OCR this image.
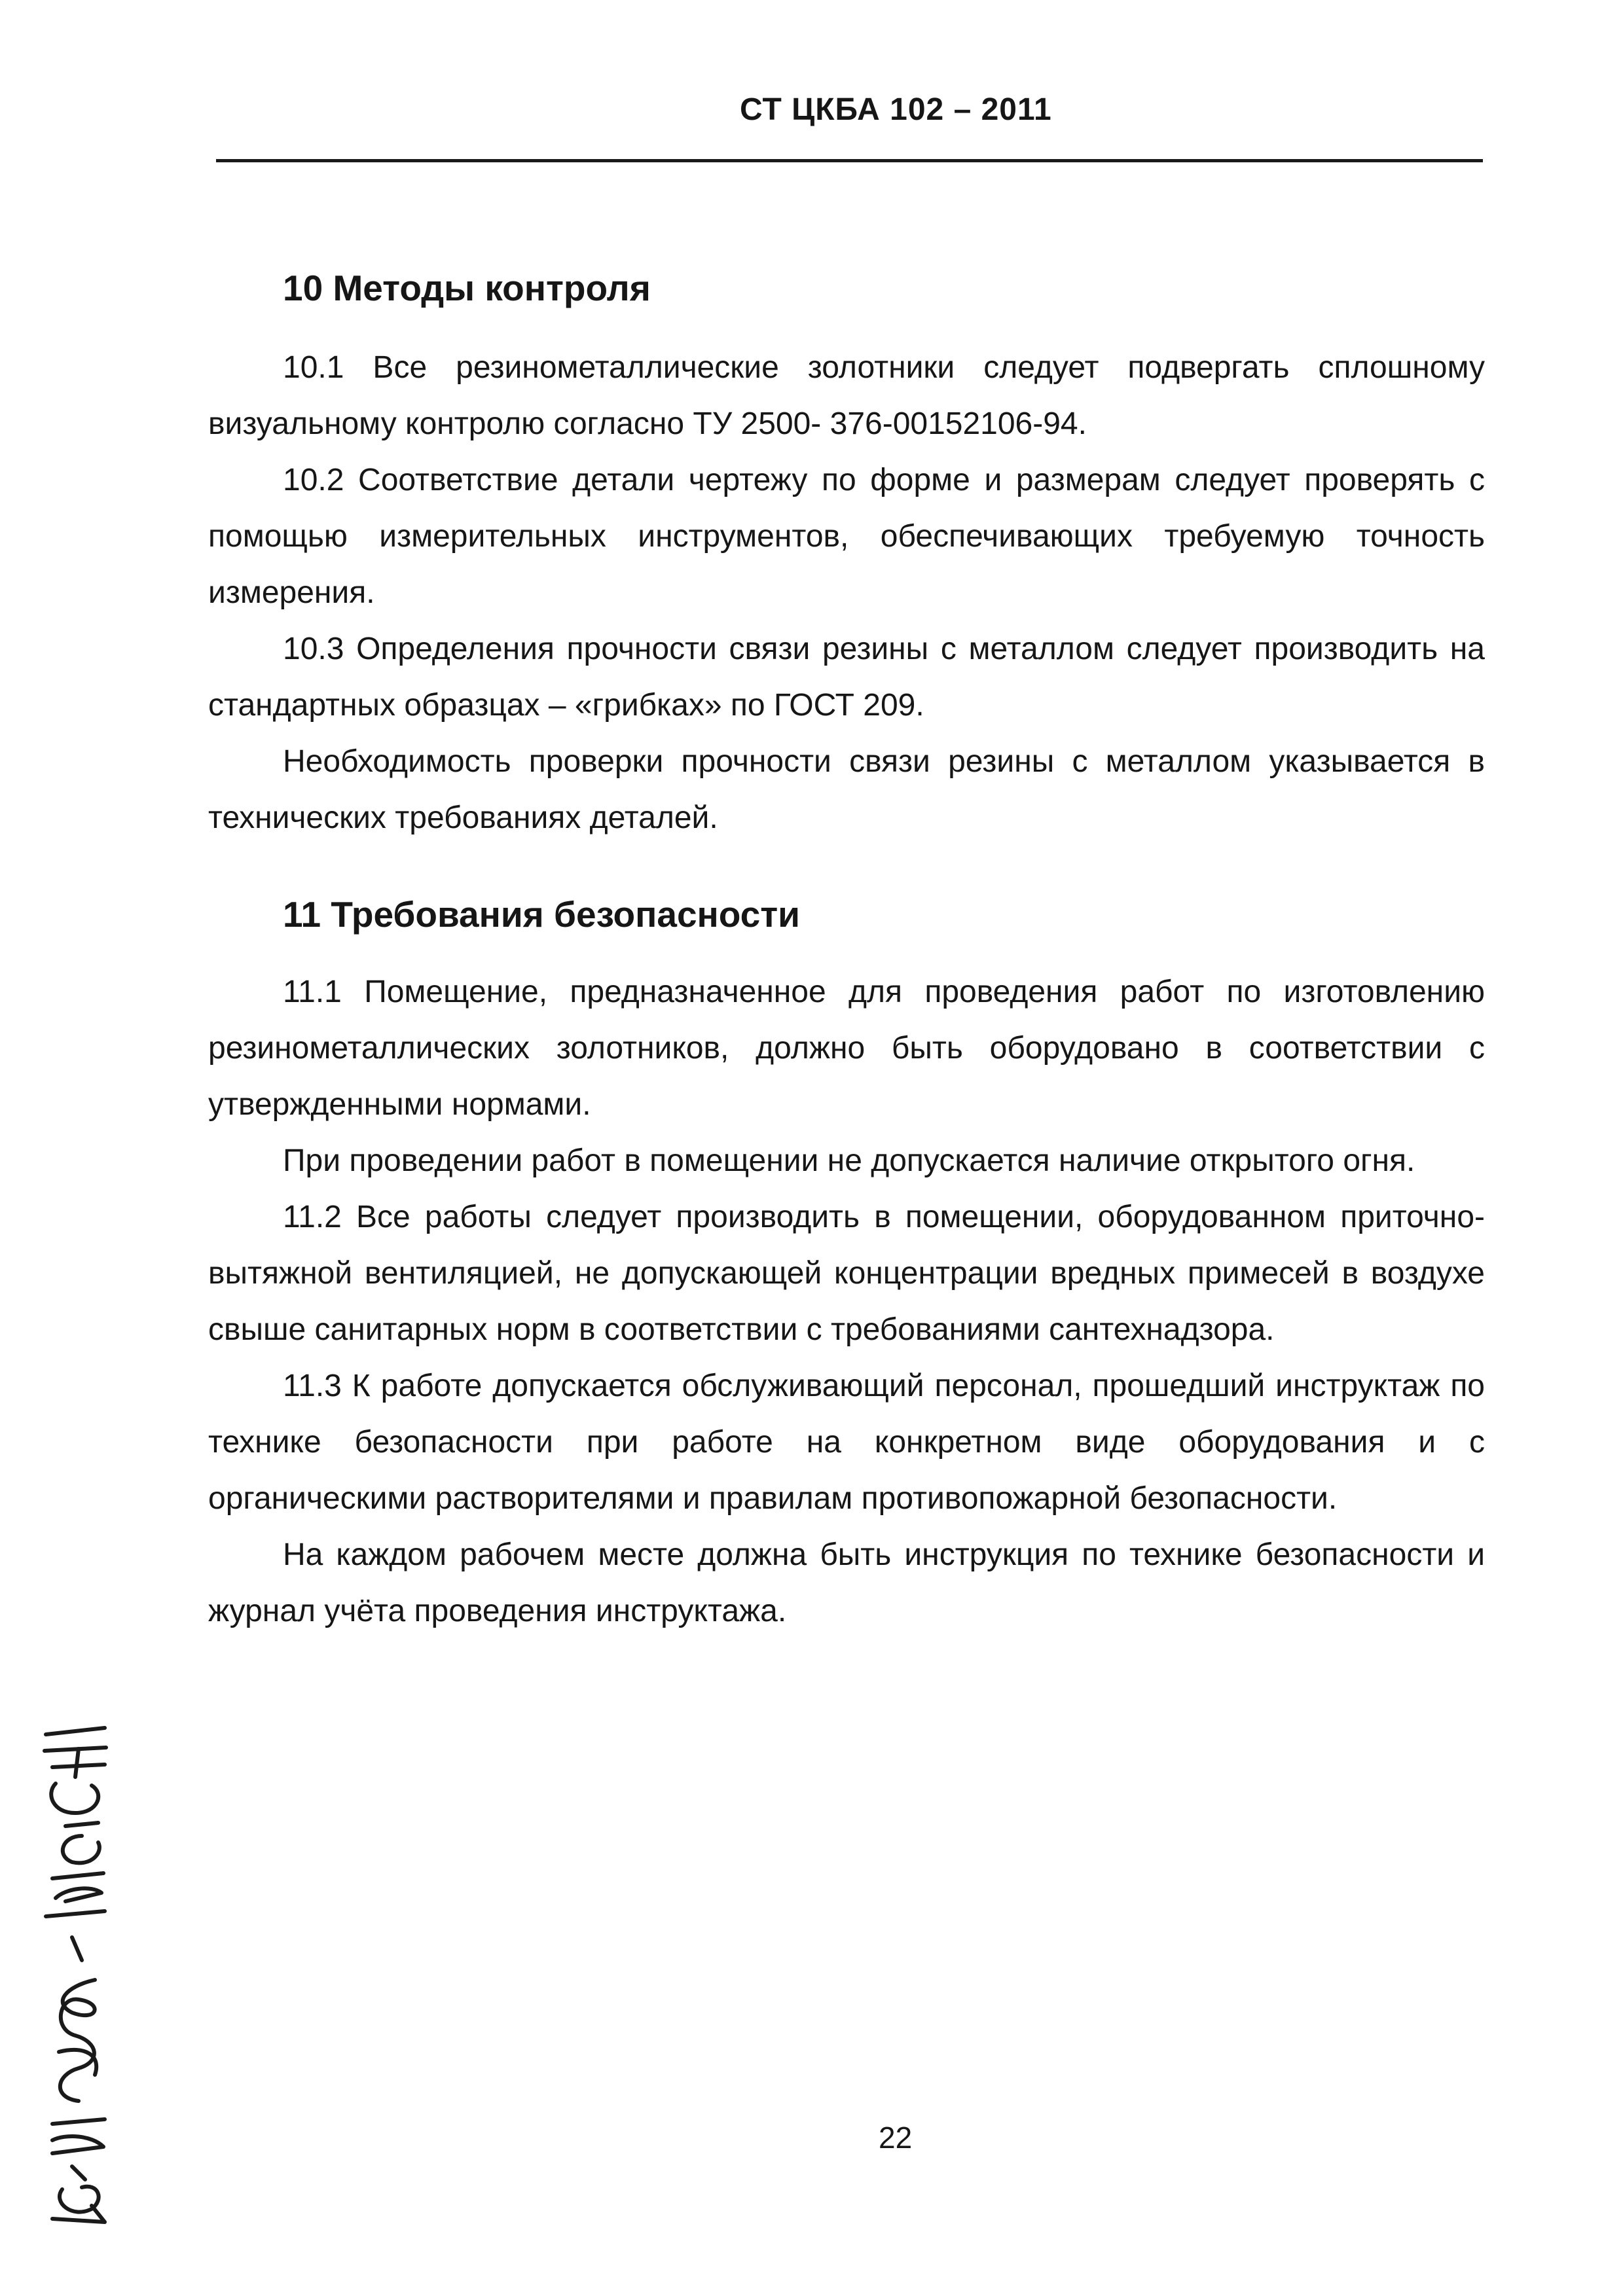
СТ ЦКБА 102 – 2011
10 Методы контроля

10.1 Все резинометаллические золотники следует подвергать сплошному визуальному контролю согласно ТУ 2500- 376-00152106-94.

10.2 Соответствие детали чертежу по форме и размерам следует проверять с помощью измерительных инструментов, обеспечивающих требуемую точность измерения.

10.3 Определения прочности связи резины с металлом следует производить на стандартных образцах – «грибках» по ГОСТ 209.

Необходимость проверки прочности связи резины с металлом указывается в технических требованиях деталей.

11 Требования безопасности

11.1 Помещение, предназначенное для проведения работ по изготовлению резинометаллических золотников, должно быть оборудовано в соответствии с утвержденными нормами.

При проведении работ в помещении не допускается наличие открытого огня.

11.2 Все работы следует производить в помещении, оборудованном приточно-вытяжной вентиляцией, не допускающей концентрации вредных примесей в воздухе свыше санитарных норм в соответствии с требованиями сантехнадзора.

11.3 К работе допускается обслуживающий персонал, прошедший инструктаж по технике безопасности при работе на конкретном виде оборудования и с органическими растворителями и правилам противопожарной безопасности.

На каждом рабочем месте должна быть инструкция по технике безопасности и журнал учёта проведения инструктажа.

22
